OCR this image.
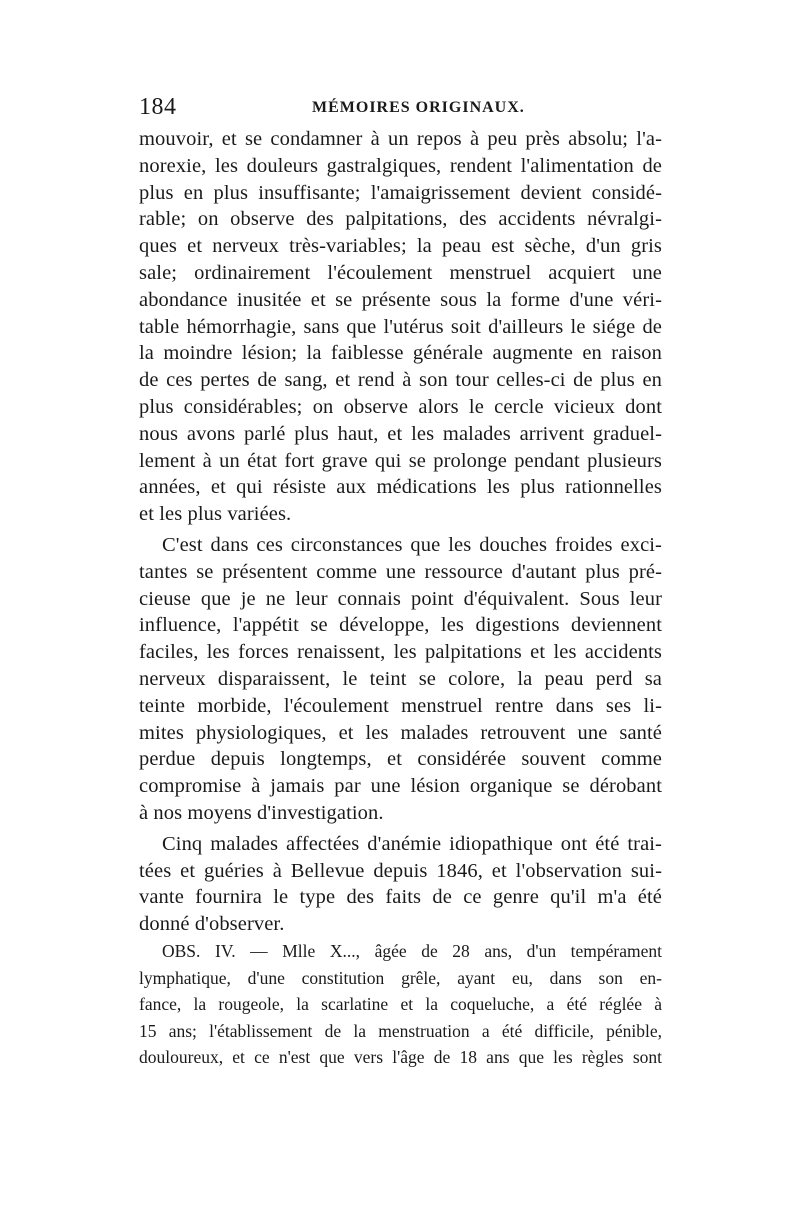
184	MÉMOIRES ORIGINAUX.
mouvoir, et se condamner à un repos à peu près absolu; l'a-
norexie, les douleurs gastralgiques, rendent l'alimentation de
plus en plus insuffisante; l'amaigrissement devient considé-
rable; on observe des palpitations, des accidents névralgi-
ques et nerveux très-variables; la peau est sèche, d'un gris
sale; ordinairement l'écoulement menstruel acquiert une
abondance inusitée et se présente sous la forme d'une véri-
table hémorrhagie, sans que l'utérus soit d'ailleurs le siége de
la moindre lésion; la faiblesse générale augmente en raison
de ces pertes de sang, et rend à son tour celles-ci de plus en
plus considérables; on observe alors le cercle vicieux dont
nous avons parlé plus haut, et les malades arrivent graduel-
lement à un état fort grave qui se prolonge pendant plusieurs
années, et qui résiste aux médications les plus rationnelles
et les plus variées.
C'est dans ces circonstances que les douches froides exci-
tantes se présentent comme une ressource d'autant plus pré-
cieuse que je ne leur connais point d'équivalent. Sous leur
influence, l'appétit se développe, les digestions deviennent
faciles, les forces renaissent, les palpitations et les accidents
nerveux disparaissent, le teint se colore, la peau perd sa
teinte morbide, l'écoulement menstruel rentre dans ses li-
mites physiologiques, et les malades retrouvent une santé
perdue depuis longtemps, et considérée souvent comme
compromise à jamais par une lésion organique se dérobant
à nos moyens d'investigation.
Cinq malades affectées d'anémie idiopathique ont été trai-
tées et guéries à Bellevue depuis 1846, et l'observation sui-
vante fournira le type des faits de ce genre qu'il m'a été
donné d'observer.
OBS. IV. — Mlle X..., âgée de 28 ans, d'un tempérament
lymphatique, d'une constitution grêle, ayant eu, dans son en-
fance, la rougeole, la scarlatine et la coqueluche, a été réglée à
15 ans; l'établissement de la menstruation a été difficile, pénible,
douloureux, et ce n'est que vers l'âge de 18 ans que les règles sont
